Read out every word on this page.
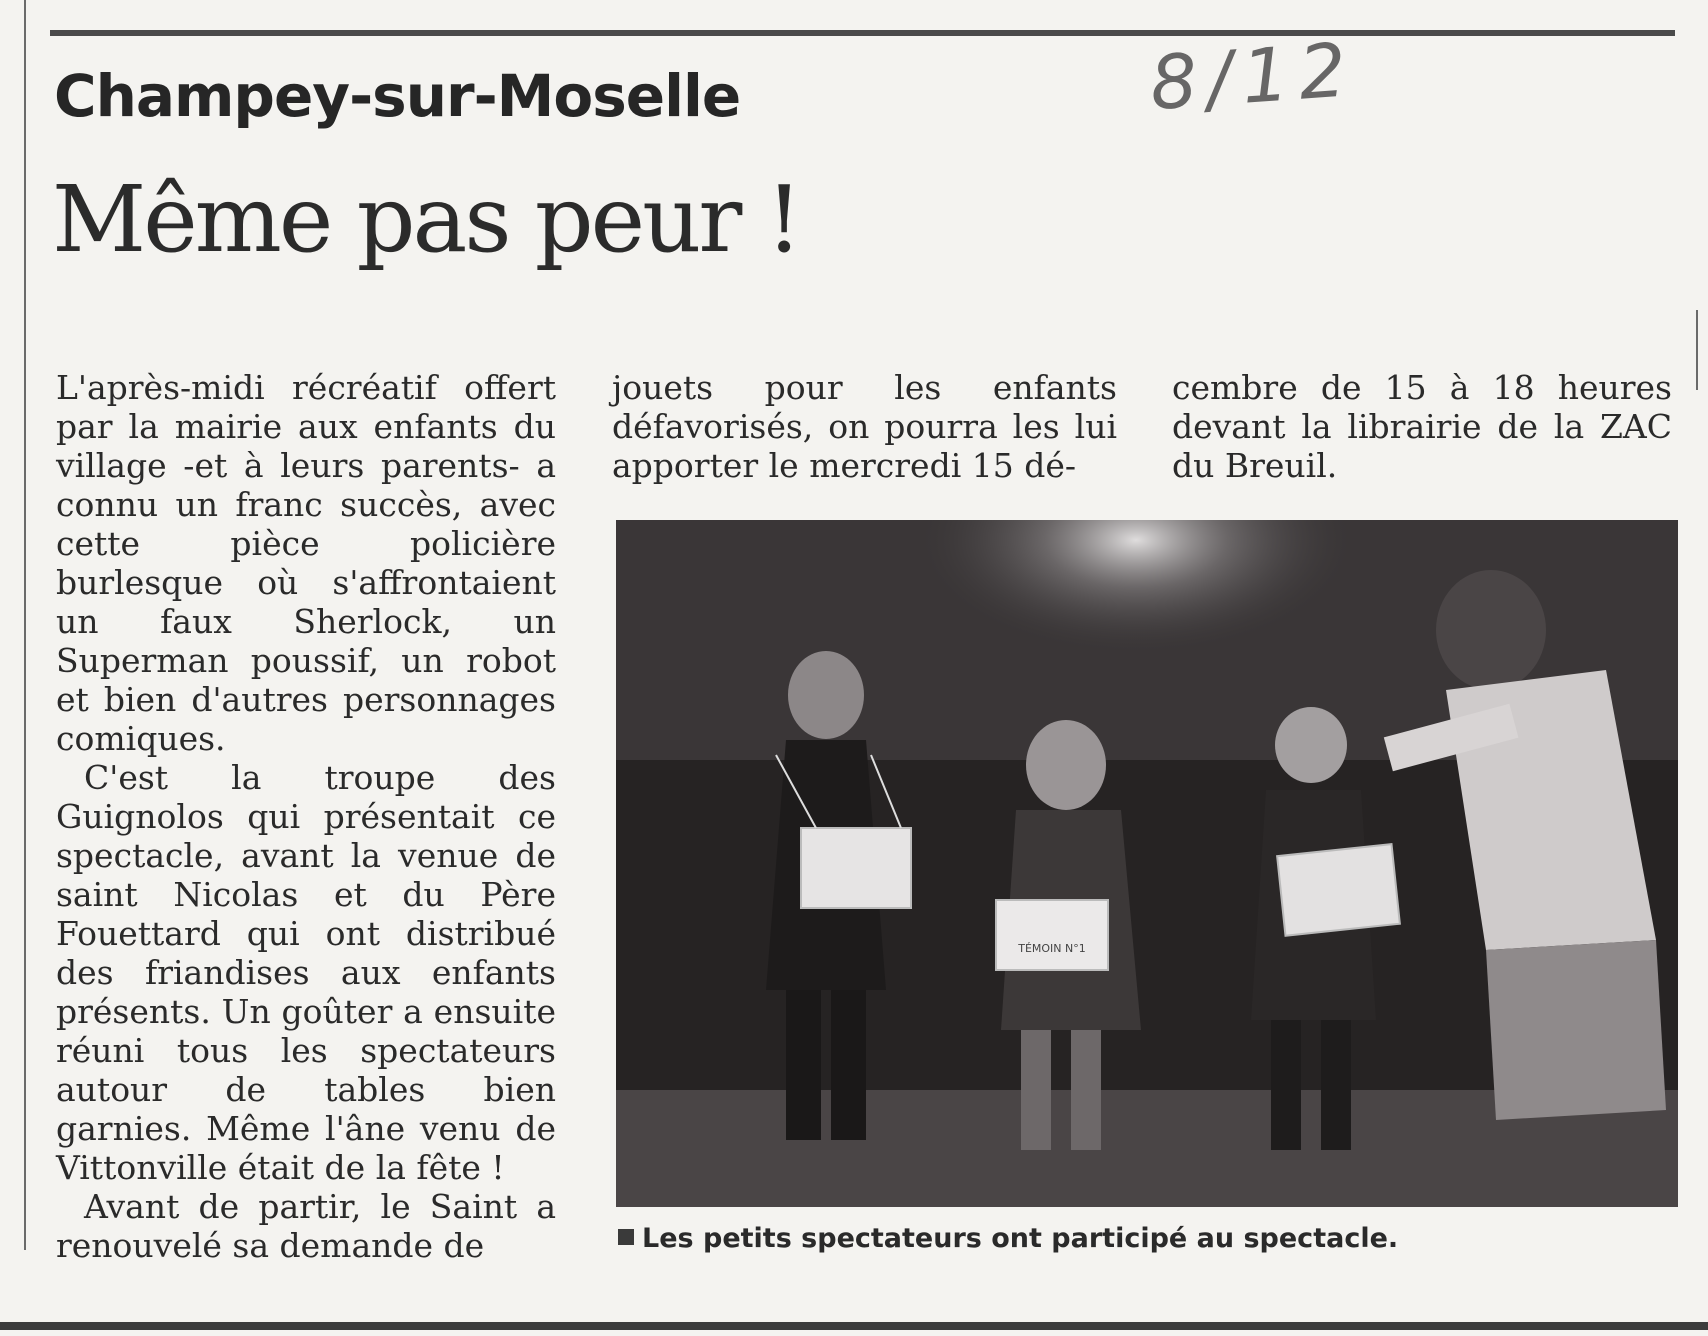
Champey-sur-Moselle	8/12
Même pas peur !

L'après-midi récréatif offert par la mairie aux enfants du village -et à leurs parents- a connu un franc succès, avec cette pièce policière burlesque où s'affrontaient un faux Sherlock, un Superman poussif, un robot et bien d'autres personnages comiques.

C'est la troupe des Guignolos qui présentait ce spectacle, avant la venue de saint Nicolas et du Père Fouettard qui ont distribué des friandises aux enfants présents. Un goûter a ensuite réuni tous les spectateurs autour de tables bien garnies. Même l'âne venu de Vittonville était de la fête !

Avant de partir, le Saint a renouvelé sa demande de

jouets pour les enfants défavorisés, on pourra les lui apporter le mercredi 15 dé-

cembre de 15 à 18 heures devant la librairie de la ZAC du Breuil.

TÉMOIN N°1
Les petits spectateurs ont participé au spectacle.
